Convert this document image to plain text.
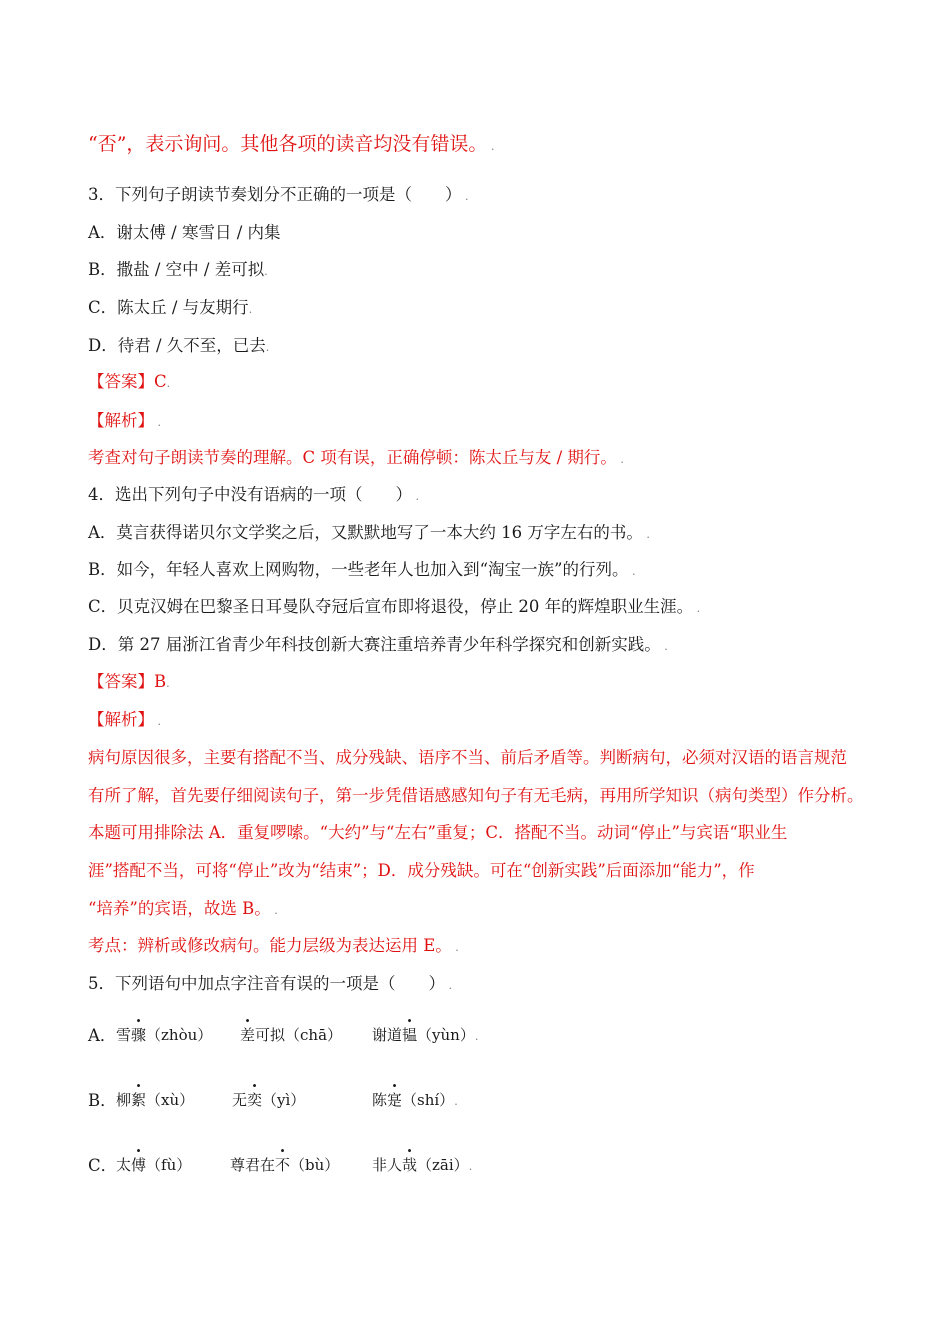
“否”，表示询问。其他各项的读音均没有错误。 .
3．下列句子朗读节奏划分不正确的一项是（　　） .
A．谢太傅 / 寒雪日 / 内集
B．撒盐 / 空中 / 差可拟.
C．陈太丘 / 与友期行.
D．待君 / 久不至，已去.
【答案】C.
【解析】 .
考查对句子朗读节奏的理解。C 项有误，正确停顿：陈太丘与友 / 期行。 .
4．选出下列句子中没有语病的一项（　　） .
A．莫言获得诺贝尔文学奖之后，又默默地写了一本大约 16 万字左右的书。 .
B．如今，年轻人喜欢上网购物，一些老年人也加入到“淘宝一族”的行列。 .
C．贝克汉姆在巴黎圣日耳曼队夺冠后宣布即将退役，停止 20 年的辉煌职业生涯。 .
D．第 27 届浙江省青少年科技创新大赛注重培养青少年科学探究和创新实践。 .
【答案】B.
【解析】 .
病句原因很多，主要有搭配不当、成分残缺、语序不当、前后矛盾等。判断病句，必须对汉语的语言规范
有所了解，首先要仔细阅读句子，第一步凭借语感感知句子有无毛病，再用所学知识（病句类型）作分析。
本题可用排除法 A．重复啰嗦。“大约”与“左右”重复；C．搭配不当。动词“停止”与宾语“职业生
涯”搭配不当，可将“停止”改为“结束”；D．成分残缺。可在“创新实践”后面添加“能力”，作
“培养”的宾语，故选 B。 .
考点：辨析或修改病句。能力层级为表达运用 E。 .
5．下列语句中加点字注音有误的一项是（　　） .
A． 雪骤（zhòu） 差可拟（chā） 谢道韫（yùn）.
B． 柳絮（xù）	无奕（yì）	陈寔（shí）.
C．
太傅（fù）	尊君在不（bù） 非人哉（zāi）.
